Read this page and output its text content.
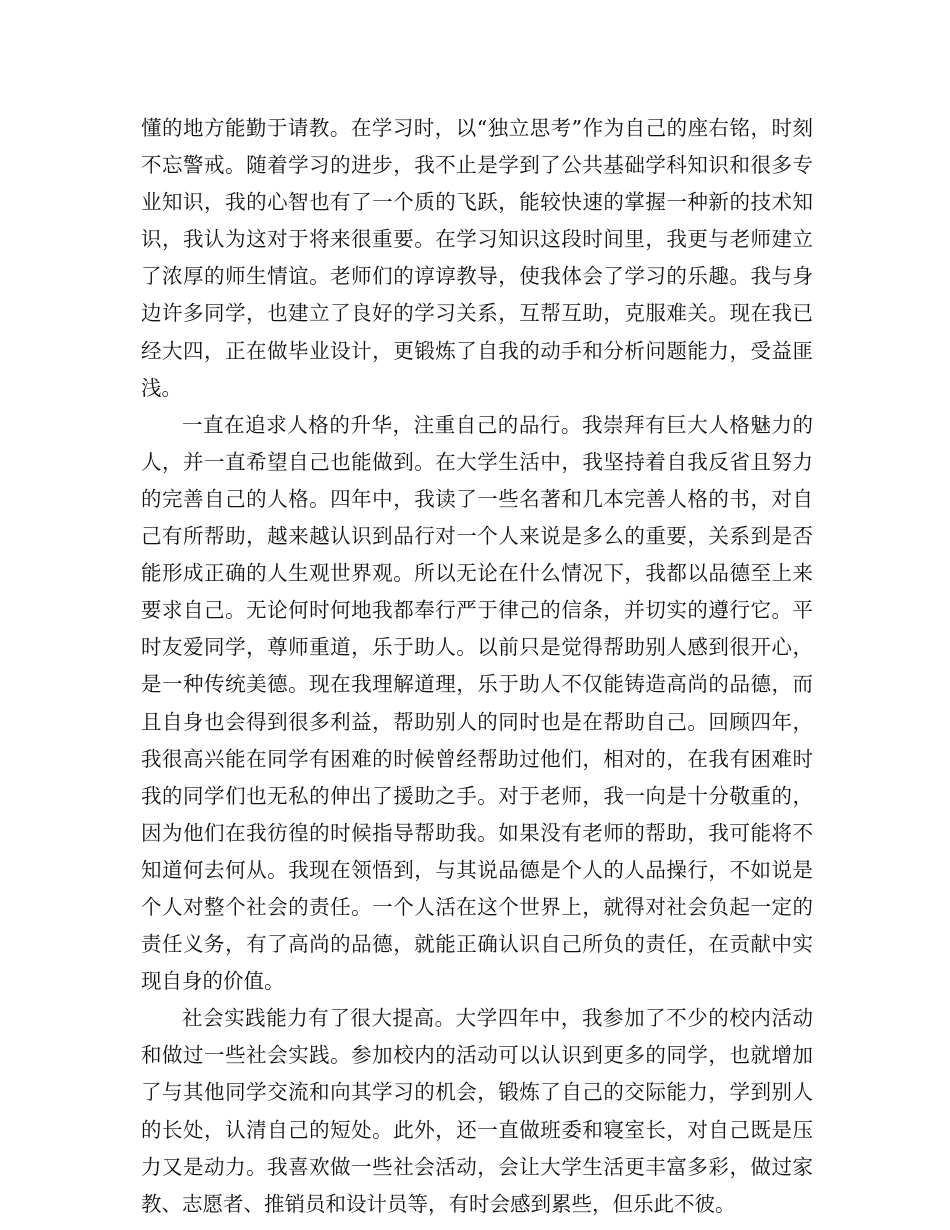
懂的地方能勤于请教。在学习时，以“独立思考”作为自己的座右铭，时刻不忘警戒。随着学习的进步，我不止是学到了公共基础学科知识和很多专业知识，我的心智也有了一个质的飞跃，能较快速的掌握一种新的技术知识，我认为这对于将来很重要。在学习知识这段时间里，我更与老师建立了浓厚的师生情谊。老师们的谆谆教导，使我体会了学习的乐趣。我与身边许多同学，也建立了良好的学习关系，互帮互助，克服难关。现在我已经大四，正在做毕业设计，更锻炼了自我的动手和分析问题能力，受益匪浅。

一直在追求人格的升华，注重自己的品行。我崇拜有巨大人格魅力的人，并一直希望自己也能做到。在大学生活中，我坚持着自我反省且努力的完善自己的人格。四年中，我读了一些名著和几本完善人格的书，对自己有所帮助，越来越认识到品行对一个人来说是多么的重要，关系到是否能形成正确的人生观世界观。所以无论在什么情况下，我都以品德至上来要求自己。无论何时何地我都奉行严于律己的信条，并切实的遵行它。平时友爱同学，尊师重道，乐于助人。以前只是觉得帮助别人感到很开心，是一种传统美德。现在我理解道理，乐于助人不仅能铸造高尚的品德，而且自身也会得到很多利益，帮助别人的同时也是在帮助自己。回顾四年，我很高兴能在同学有困难的时候曾经帮助过他们，相对的，在我有困难时我的同学们也无私的伸出了援助之手。对于老师，我一向是十分敬重的，因为他们在我彷徨的时候指导帮助我。如果没有老师的帮助，我可能将不知道何去何从。我现在领悟到，与其说品德是个人的人品操行，不如说是个人对整个社会的责任。一个人活在这个世界上，就得对社会负起一定的责任义务，有了高尚的品德，就能正确认识自己所负的责任，在贡献中实现自身的价值。

社会实践能力有了很大提高。大学四年中，我参加了不少的校内活动和做过一些社会实践。参加校内的活动可以认识到更多的同学，也就增加了与其他同学交流和向其学习的机会，锻炼了自己的交际能力，学到别人的长处，认清自己的短处。此外，还一直做班委和寝室长，对自己既是压力又是动力。我喜欢做一些社会活动，会让大学生活更丰富多彩，做过家教、志愿者、推销员和设计员等，有时会感到累些，但乐此不彼。
